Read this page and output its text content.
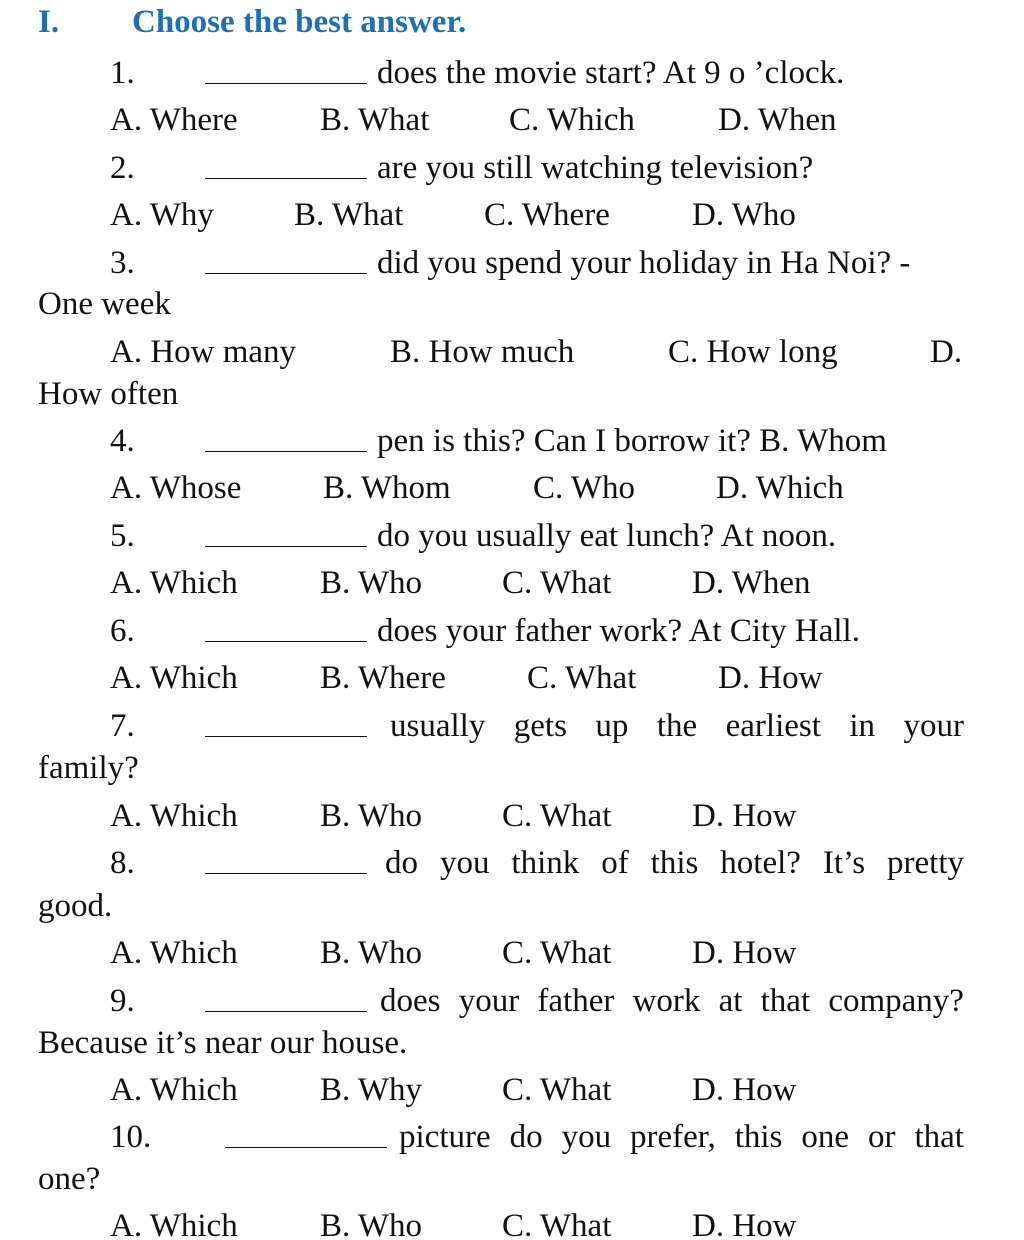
I. Choose the best answer.
1.	does the movie start? At 9 o ’clock.
A. Where B. What C. Which	D. When
2.	are you still watching television?
A. Why B. What C. Where D. Who
3.	did you spend your holiday in Ha Noi? -
One week
A. How many	B. How much	C. How long	D.
How often
4.	pen is this? Can I borrow it? B. Whom
A. Whose B. Whom C. Who D. Which
5.	do you usually eat lunch? At noon.
A. Which B. Who C. What D. When
6.	does your father work? At City Hall.
A. Which B. Where C. What D. How
7.	usually gets up the earliest in your
family?
A. Which B. Who C. What D. How
8.	do you think of this hotel? It’s pretty
good.
A. Which B. Who C. What D. How
9.	does your father work at that company?
Because it’s near our house.
A. Which B. Why C. What D. How
10.	picture do you prefer, this one or that
one?
A. Which B. Who C. What D. How
